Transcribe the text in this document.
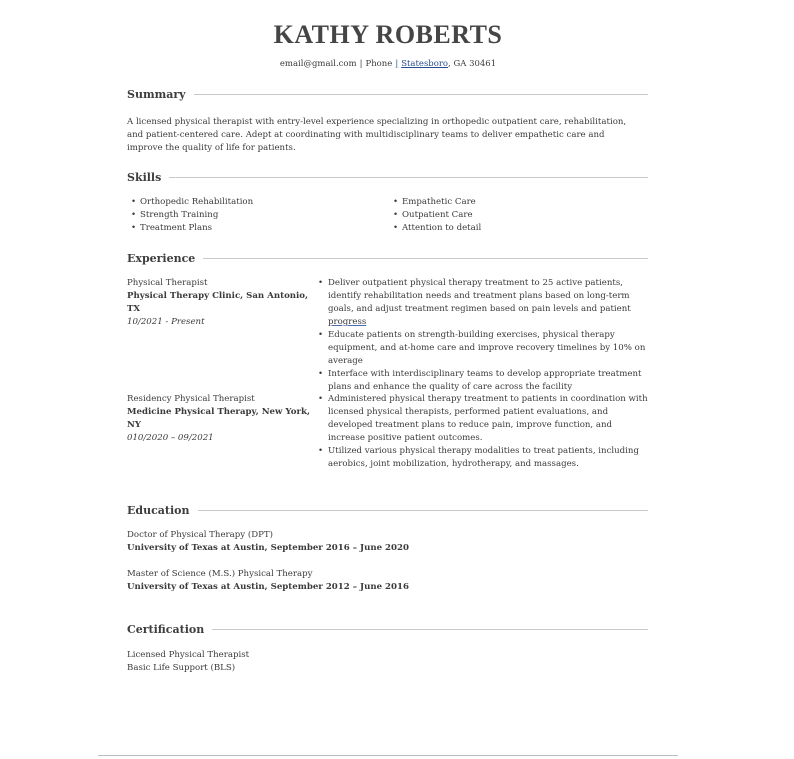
KATHY ROBERTS
email@gmail.com | Phone | Statesboro, GA 30461
Summary
A licensed physical therapist with entry-level experience specializing in orthopedic outpatient care, rehabilitation, and patient-centered care. Adept at coordinating with multidisciplinary teams to deliver empathetic care and improve the quality of life for patients.
Skills
• Orthopedic Rehabilitation
• Strength Training
• Treatment Plans
• Empathetic Care
• Outpatient Care
• Attention to detail
Experience
Physical Therapist
Physical Therapy Clinic, San Antonio, TX
10/2021 - Present
• Deliver outpatient physical therapy treatment to 25 active patients, identify rehabilitation needs and treatment plans based on long-term goals, and adjust treatment regimen based on pain levels and patient progress
• Educate patients on strength-building exercises, physical therapy equipment, and at-home care and improve recovery timelines by 10% on average
• Interface with interdisciplinary teams to develop appropriate treatment plans and enhance the quality of care across the facility
Residency Physical Therapist
Medicine Physical Therapy, New York, NY
010/2020 – 09/2021
• Administered physical therapy treatment to patients in coordination with licensed physical therapists, performed patient evaluations, and developed treatment plans to reduce pain, improve function, and increase positive patient outcomes.
• Utilized various physical therapy modalities to treat patients, including aerobics, joint mobilization, hydrotherapy, and massages.
Education
Doctor of Physical Therapy (DPT)
University of Texas at Austin, September 2016 – June 2020
Master of Science (M.S.) Physical Therapy
University of Texas at Austin, September 2012 – June 2016
Certification
Licensed Physical Therapist
Basic Life Support (BLS)
